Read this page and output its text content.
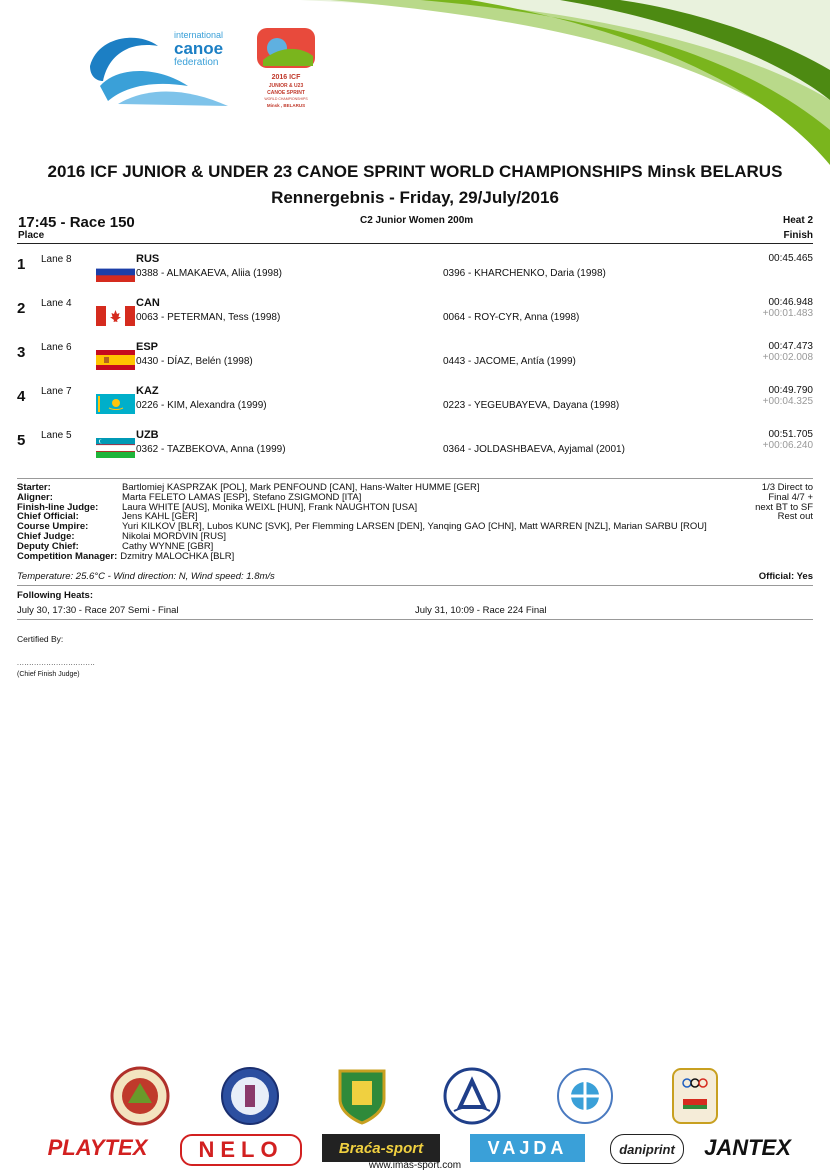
international
canoe
federation
2016 ICF
JUNIOR & U23
CANOE SPRINT
WORLD CHAMPIONSHIPS
Minsk , BELARUS
2016 ICF JUNIOR & UNDER 23 CANOE SPRINT WORLD CHAMPIONSHIPS Minsk BELARUS
Rennergebnis - Friday, 29/July/2016
17:45 - Race 150
Place
C2 Junior Women 200m	Heat 2
Finish
1 Lane 8	RUS
0388 - ALMAKAEVA, Aliia (1998)	0396 - KHARCHENKO, Daria (1998)
00:45.465
2 Lane 4	CAN
0063 - PETERMAN, Tess (1998)	0064 - ROY-CYR, Anna (1998)
00:46.948
+00:01.483
3 Lane 6	ESP
0430 - DÍAZ, Belén (1998)	0443 - JACOME, Antía (1999)
00:47.473
+00:02.008
4 Lane 7	KAZ
0226 - KIM, Alexandra (1999)	0223 - YEGEUBAYEVA, Dayana (1998)
00:49.790
+00:04.325
5 Lane 5	UZB
0362 - TAZBEKOVA, Anna (1999)	0364 - JOLDASHBAEVA, Ayjamal (2001)
00:51.705
+00:06.240
Starter:	Bartlomiej KASPRZAK [POL], Mark PENFOUND [CAN], Hans-Walter HUMME [GER]
Aligner:	Marta FELETO LAMAS [ESP], Stefano ZSIGMOND [ITA]
Finish-line Judge:	Laura WHITE [AUS], Monika WEIXL [HUN], Frank NAUGHTON [USA]
Chief Official:	Jens KAHL [GER]
Course Umpire:	Yuri KILKOV [BLR], Lubos KUNC [SVK], Per Flemming LARSEN [DEN], Yanqing GAO [CHN], Matt WARREN [NZL], Marian SARBU [ROU]
Chief Judge:	Nikolai MORDVIN [RUS]
Deputy Chief:	Cathy WYNNE [GBR]
Competition Manager: Dzmitry MALOCHKA [BLR]
1/3 Direct to
Final 4/7 +
next BT to SF
Rest out
Temperature: 25.6°C - Wind direction: N, Wind speed: 1.8m/s	Official: Yes
Following Heats:
July 30, 17:30 - Race 207 Semi - Final	July 31, 10:09 - Race 224 Final
Certified By:
................................
(Chief Finish Judge)
PLAYTEX	NELO	Braća-sport	VAJDA	daniprint	JANTEX
www.imas-sport.com
